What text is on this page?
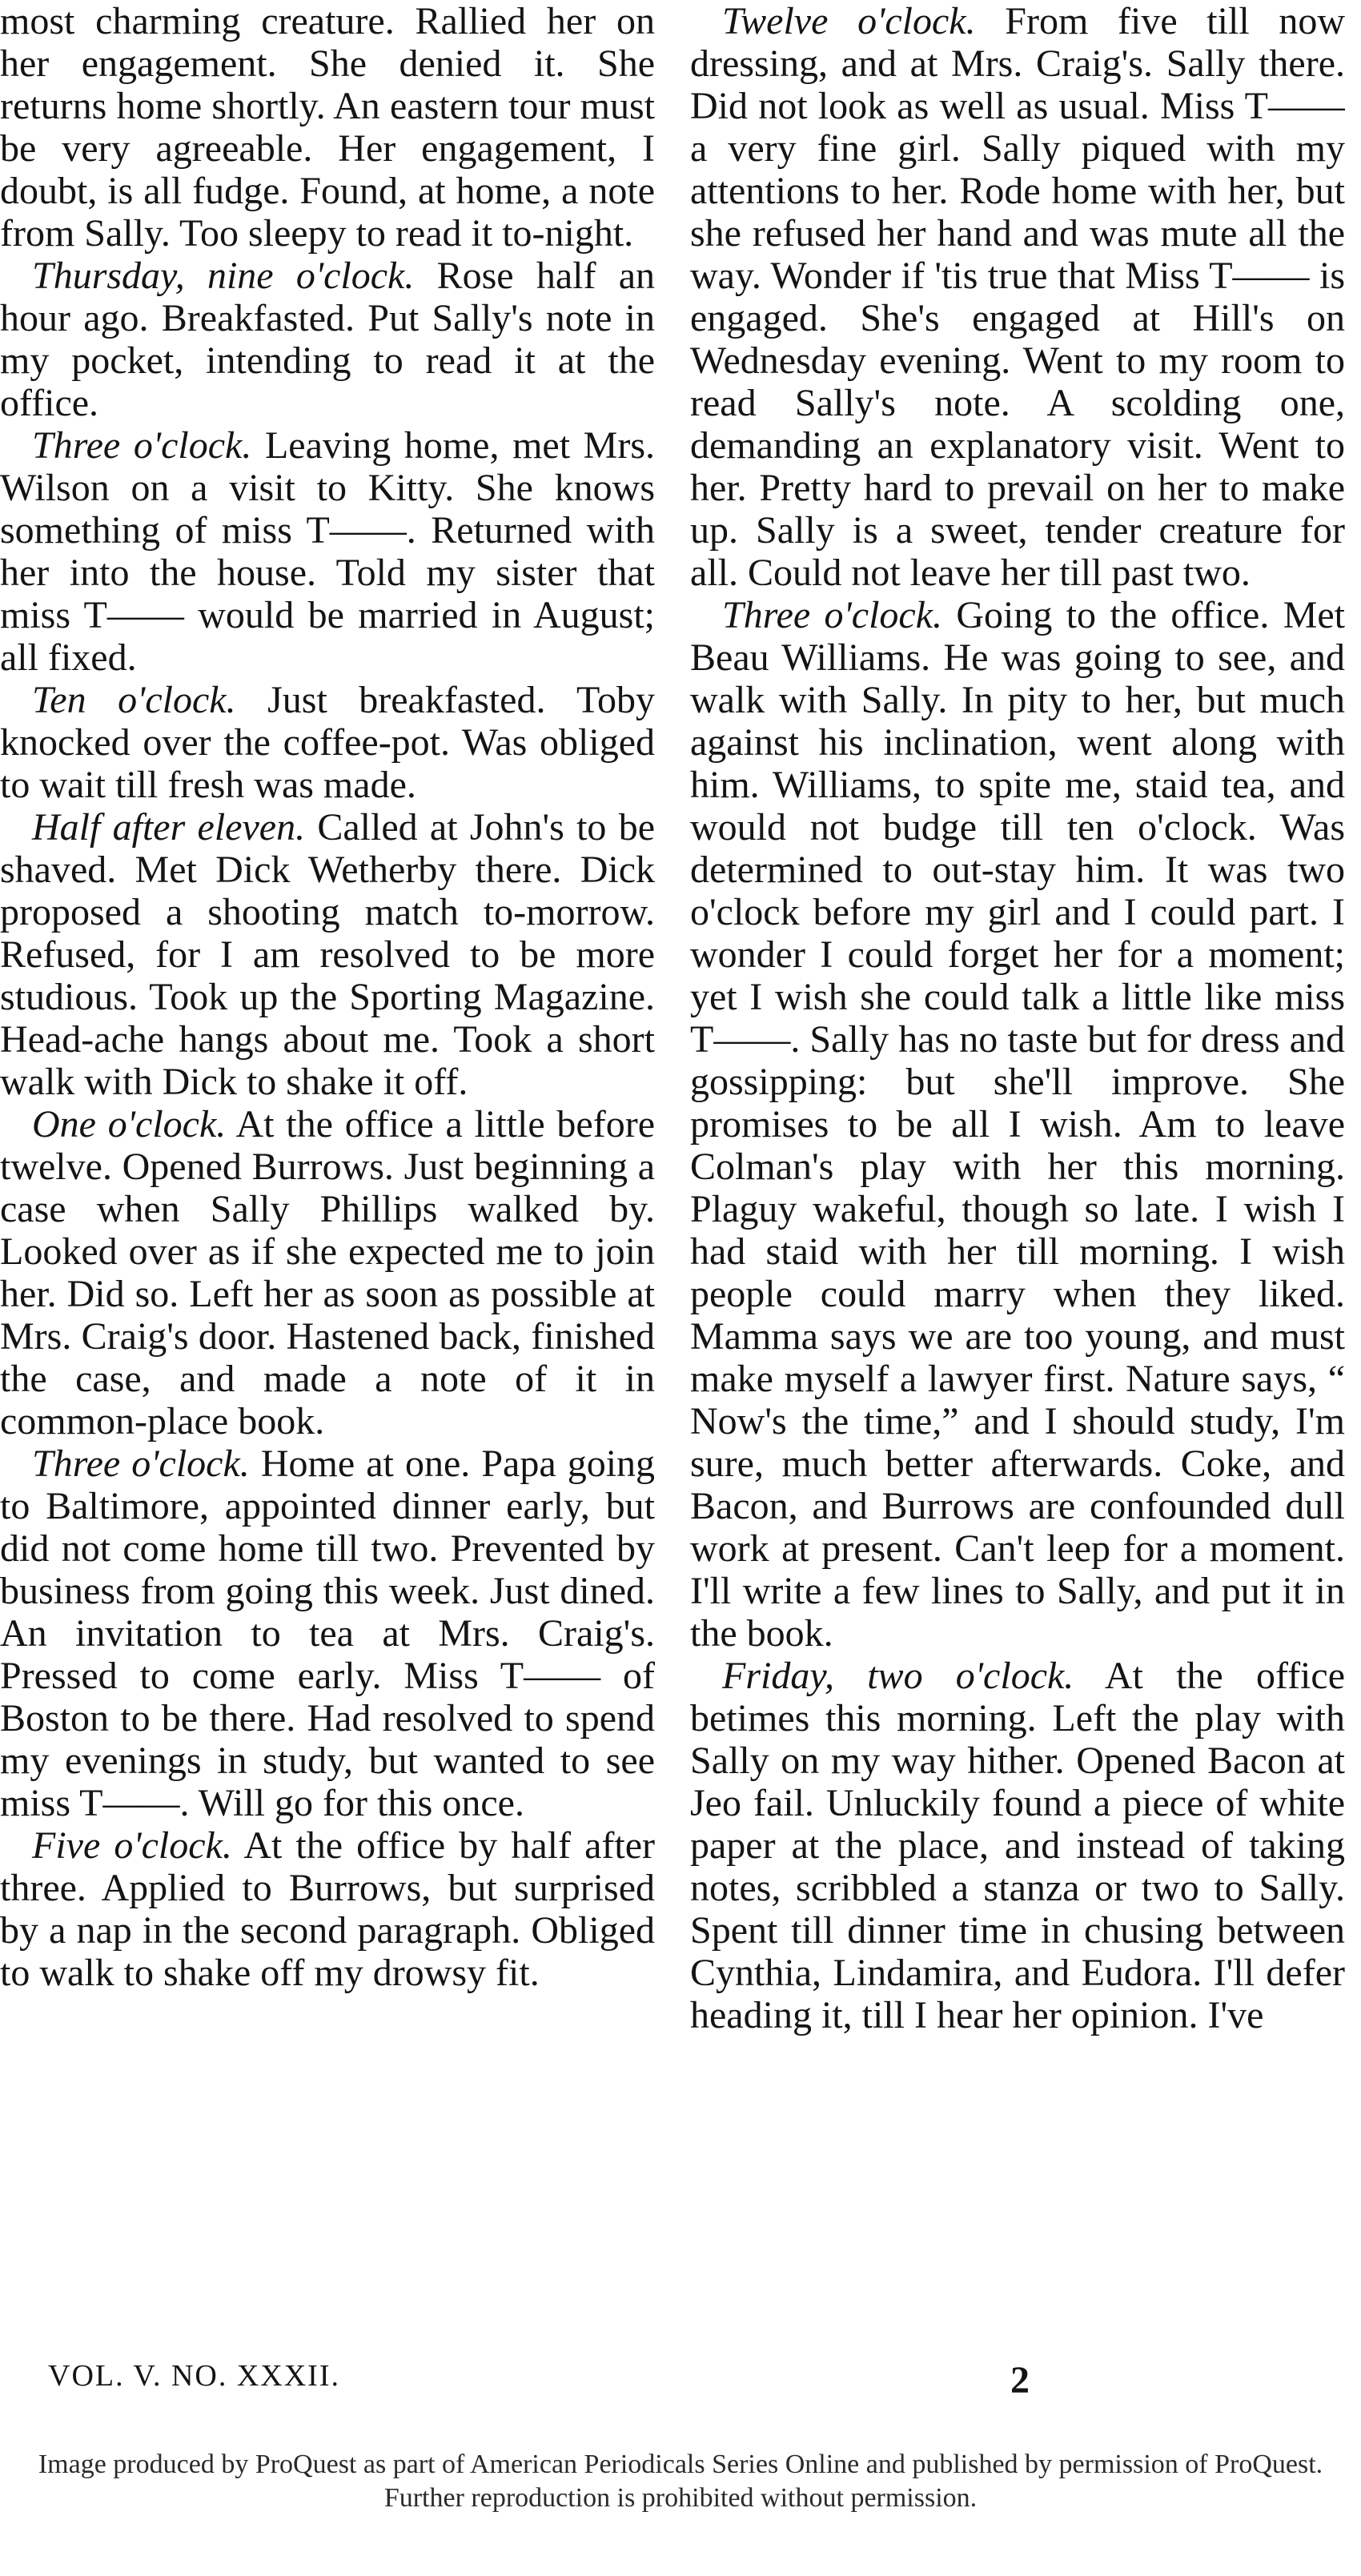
most charming creature. Rallied her on her engagement. She denied it. She returns home shortly. An eastern tour must be very agreeable. Her engagement, I doubt, is all fudge. Found, at home, a note from Sally. Too sleepy to read it to-night.

Thursday, nine o'clock. Rose half an hour ago. Breakfasted. Put Sally's note in my pocket, intending to read it at the office.

Three o'clock. Leaving home, met Mrs. Wilson on a visit to Kitty. She knows something of miss T——. Returned with her into the house. Told my sister that miss T—— would be married in August; all fixed.

Ten o'clock. Just breakfasted. Toby knocked over the coffee-pot. Was obliged to wait till fresh was made.

Half after eleven. Called at John's to be shaved. Met Dick Wetherby there. Dick proposed a shooting match to-morrow. Refused, for I am resolved to be more studious. Took up the Sporting Magazine. Head-ache hangs about me. Took a short walk with Dick to shake it off.

One o'clock. At the office a little before twelve. Opened Burrows. Just beginning a case when Sally Phillips walked by. Looked over as if she expected me to join her. Did so. Left her as soon as possible at Mrs. Craig's door. Hastened back, finished the case, and made a note of it in common-place book.

Three o'clock. Home at one. Papa going to Baltimore, appointed dinner early, but did not come home till two. Prevented by business from going this week. Just dined. An invitation to tea at Mrs. Craig's. Pressed to come early. Miss T—— of Boston to be there. Had resolved to spend my evenings in study, but wanted to see miss T——. Will go for this once.

Five o'clock. At the office by half after three. Applied to Burrows, but surprised by a nap in the second paragraph. Obliged to walk to shake off my drowsy fit.

Twelve o'clock. From five till now dressing, and at Mrs. Craig's. Sally there. Did not look as well as usual. Miss T—— a very fine girl. Sally piqued with my attentions to her. Rode home with her, but she refused her hand and was mute all the way. Wonder if 'tis true that Miss T—— is engaged. She's engaged at Hill's on Wednesday evening. Went to my room to read Sally's note. A scolding one, demanding an explanatory visit. Went to her. Pretty hard to prevail on her to make up. Sally is a sweet, tender creature for all. Could not leave her till past two.

Three o'clock. Going to the office. Met Beau Williams. He was going to see, and walk with Sally. In pity to her, but much against his inclination, went along with him. Williams, to spite me, staid tea, and would not budge till ten o'clock. Was determined to out-stay him. It was two o'clock before my girl and I could part. I wonder I could forget her for a moment; yet I wish she could talk a little like miss T——. Sally has no taste but for dress and gossipping: but she'll improve. She promises to be all I wish. Am to leave Colman's play with her this morning. Plaguy wakeful, though so late. I wish I had staid with her till morning. I wish people could marry when they liked. Mamma says we are too young, and must make myself a lawyer first. Nature says, “ Now's the time,” and I should study, I'm sure, much better afterwards. Coke, and Bacon, and Burrows are confounded dull work at present. Can't leep for a moment. I'll write a few lines to Sally, and put it in the book.

Friday, two o'clock. At the office betimes this morning. Left the play with Sally on my way hither. Opened Bacon at Jeo fail. Unluckily found a piece of white paper at the place, and instead of taking notes, scribbled a stanza or two to Sally. Spent till dinner time in chusing between Cynthia, Lindamira, and Eudora. I'll defer heading it, till I hear her opinion. I've

VOL. V. NO. XXXII.	2
Image produced by ProQuest as part of American Periodicals Series Online and published by permission of ProQuest.
Further reproduction is prohibited without permission.
